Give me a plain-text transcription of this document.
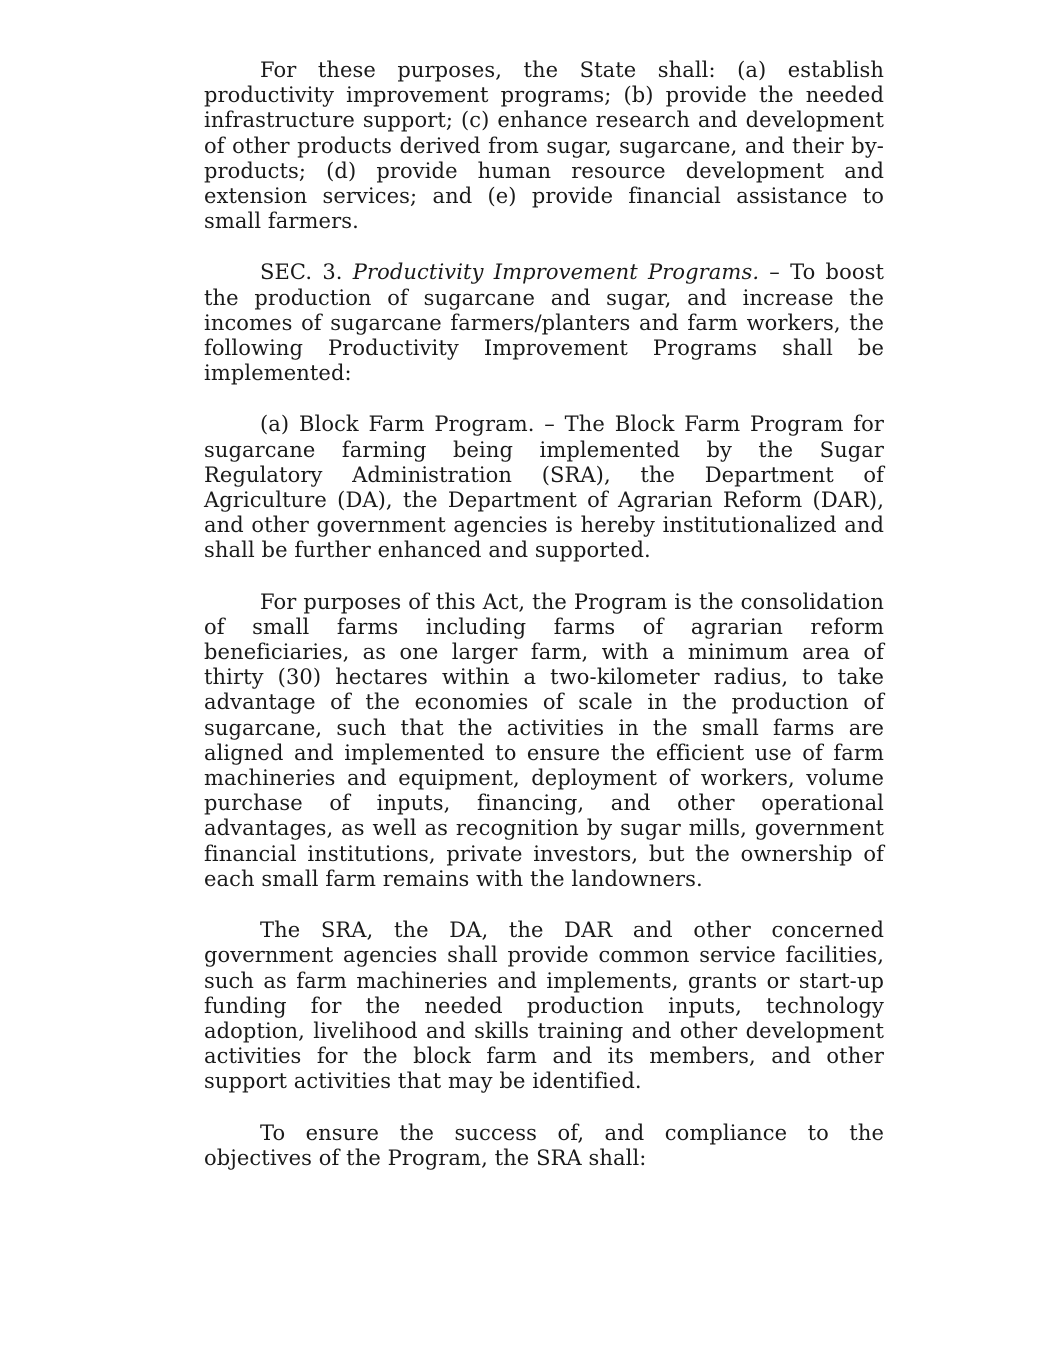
For these purposes, the State shall: (a) establish productivity improvement programs; (b) provide the needed infrastructure support; (c) enhance research and development of other products derived from sugar, sugarcane, and their by-products; (d) provide human resource development and extension services; and (e) provide financial assistance to small farmers.

SEC. 3. Productivity Improvement Programs. – To boost the production of sugarcane and sugar, and increase the incomes of sugarcane farmers/planters and farm workers, the following Productivity Improvement Programs shall be implemented:

(a) Block Farm Program. – The Block Farm Program for sugarcane farming being implemented by the Sugar Regulatory Administration (SRA), the Department of Agriculture (DA), the Department of Agrarian Reform (DAR), and other government agencies is hereby institutionalized and shall be further enhanced and supported.

For purposes of this Act, the Program is the consolidation of small farms including farms of agrarian reform beneficiaries, as one larger farm, with a minimum area of thirty (30) hectares within a two-kilometer radius, to take advantage of the economies of scale in the production of sugarcane, such that the activities in the small farms are aligned and implemented to ensure the efficient use of farm machineries and equipment, deployment of workers, volume purchase of inputs, financing, and other operational advantages, as well as recognition by sugar mills, government financial institutions, private investors, but the ownership of each small farm remains with the landowners.

The SRA, the DA, the DAR and other concerned government agencies shall provide common service facilities, such as farm machineries and implements, grants or start-up funding for the needed production inputs, technology adoption, livelihood and skills training and other development activities for the block farm and its members, and other support activities that may be identified.

To ensure the success of, and compliance to the objectives of the Program, the SRA shall:
